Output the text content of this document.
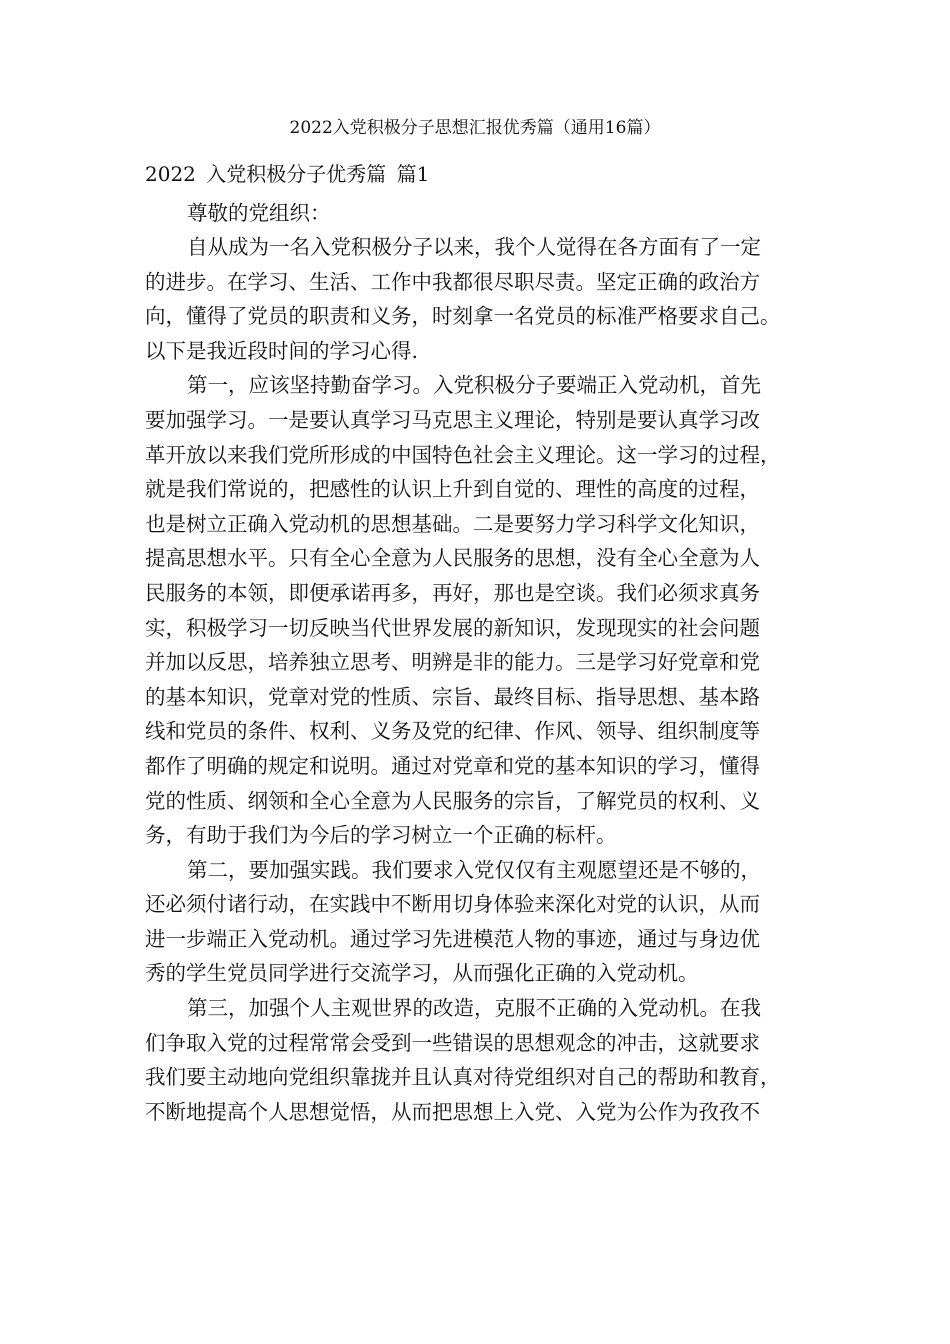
2022入党积极分子思想汇报优秀篇（通用16篇）
2022 入党积极分子优秀篇 篇1

尊敬的党组织：

自从成为一名入党积极分子以来，我个人觉得在各方面有了一定
的进步。在学习、生活、工作中我都很尽职尽责。坚定正确的政治方
向，懂得了党员的职责和义务，时刻拿一名党员的标准严格要求自己。
以下是我近段时间的学习心得.

第一，应该坚持勤奋学习。入党积极分子要端正入党动机，首先
要加强学习。一是要认真学习马克思主义理论，特别是要认真学习改
革开放以来我们党所形成的中国特色社会主义理论。这一学习的过程，
就是我们常说的，把感性的认识上升到自觉的、理性的高度的过程，
也是树立正确入党动机的思想基础。二是要努力学习科学文化知识，
提高思想水平。只有全心全意为人民服务的思想，没有全心全意为人
民服务的本领，即便承诺再多，再好，那也是空谈。我们必须求真务
实，积极学习一切反映当代世界发展的新知识，发现现实的社会问题
并加以反思，培养独立思考、明辨是非的能力。三是学习好党章和党
的基本知识，党章对党的性质、宗旨、最终目标、指导思想、基本路
线和党员的条件、权利、义务及党的纪律、作风、领导、组织制度等
都作了明确的规定和说明。通过对党章和党的基本知识的学习，懂得
党的性质、纲领和全心全意为人民服务的宗旨，了解党员的权利、义
务，有助于我们为今后的学习树立一个正确的标杆。

第二，要加强实践。我们要求入党仅仅有主观愿望还是不够的，
还必须付诸行动，在实践中不断用切身体验来深化对党的认识，从而
进一步端正入党动机。通过学习先进模范人物的事迹，通过与身边优
秀的学生党员同学进行交流学习，从而强化正确的入党动机。

第三，加强个人主观世界的改造，克服不正确的入党动机。在我
们争取入党的过程常常会受到一些错误的思想观念的冲击，这就要求
我们要主动地向党组织靠拢并且认真对待党组织对自己的帮助和教育，
不断地提高个人思想觉悟，从而把思想上入党、入党为公作为孜孜不
